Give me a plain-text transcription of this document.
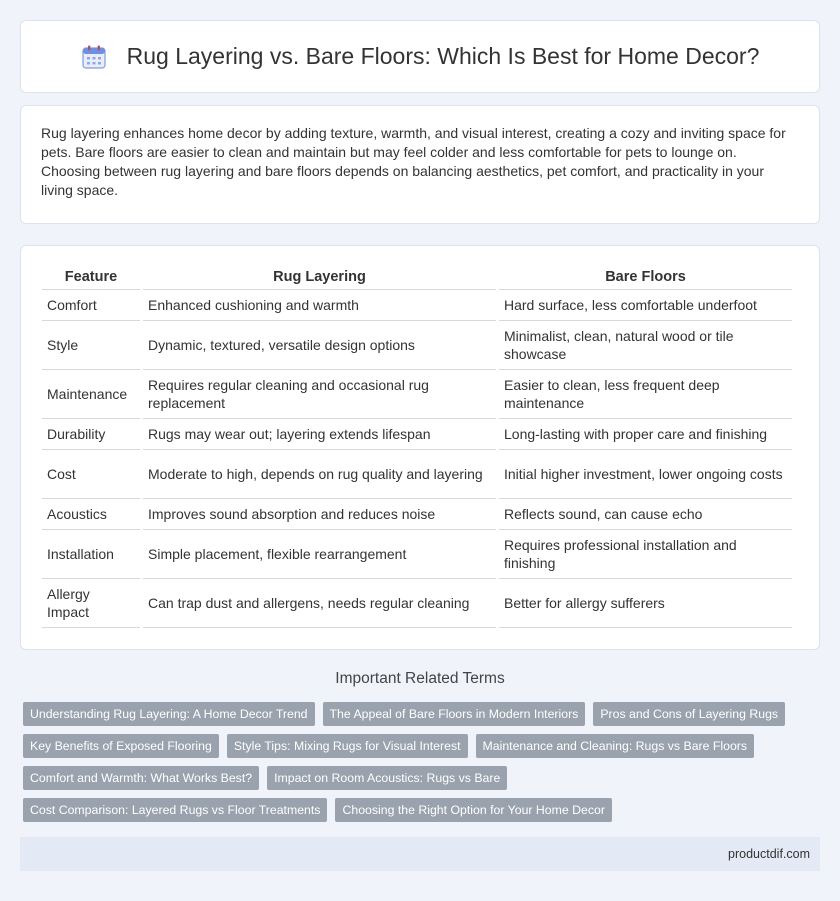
Rug Layering vs. Bare Floors: Which Is Best for Home Decor?

Rug layering enhances home decor by adding texture, warmth, and visual interest, creating a cozy and inviting space for pets. Bare floors are easier to clean and maintain but may feel colder and less comfortable for pets to lounge on. Choosing between rug layering and bare floors depends on balancing aesthetics, pet comfort, and practicality in your living space.

Feature	Rug Layering	Bare Floors
Comfort	Enhanced cushioning and warmth	Hard surface, less comfortable underfoot
Style	Dynamic, textured, versatile design options	Minimalist, clean, natural wood or tile showcase
Maintenance	Requires regular cleaning and occasional rug replacement	Easier to clean, less frequent deep maintenance
Durability	Rugs may wear out; layering extends lifespan	Long-lasting with proper care and finishing
Cost	Moderate to high, depends on rug quality and layering	Initial higher investment, lower ongoing costs
Acoustics	Improves sound absorption and reduces noise	Reflects sound, can cause echo
Installation	Simple placement, flexible rearrangement	Requires professional installation and finishing
Allergy Impact	Can trap dust and allergens, needs regular cleaning	Better for allergy sufferers
Important Related Terms
Understanding Rug Layering: A Home Decor Trend	The Appeal of Bare Floors in Modern Interiors	Pros and Cons of Layering Rugs
Key Benefits of Exposed Flooring	Style Tips: Mixing Rugs for Visual Interest	Maintenance and Cleaning: Rugs vs Bare Floors
Comfort and Warmth: What Works Best?	Impact on Room Acoustics: Rugs vs Bare
Cost Comparison: Layered Rugs vs Floor Treatments	Choosing the Right Option for Your Home Decor
productdif.com
